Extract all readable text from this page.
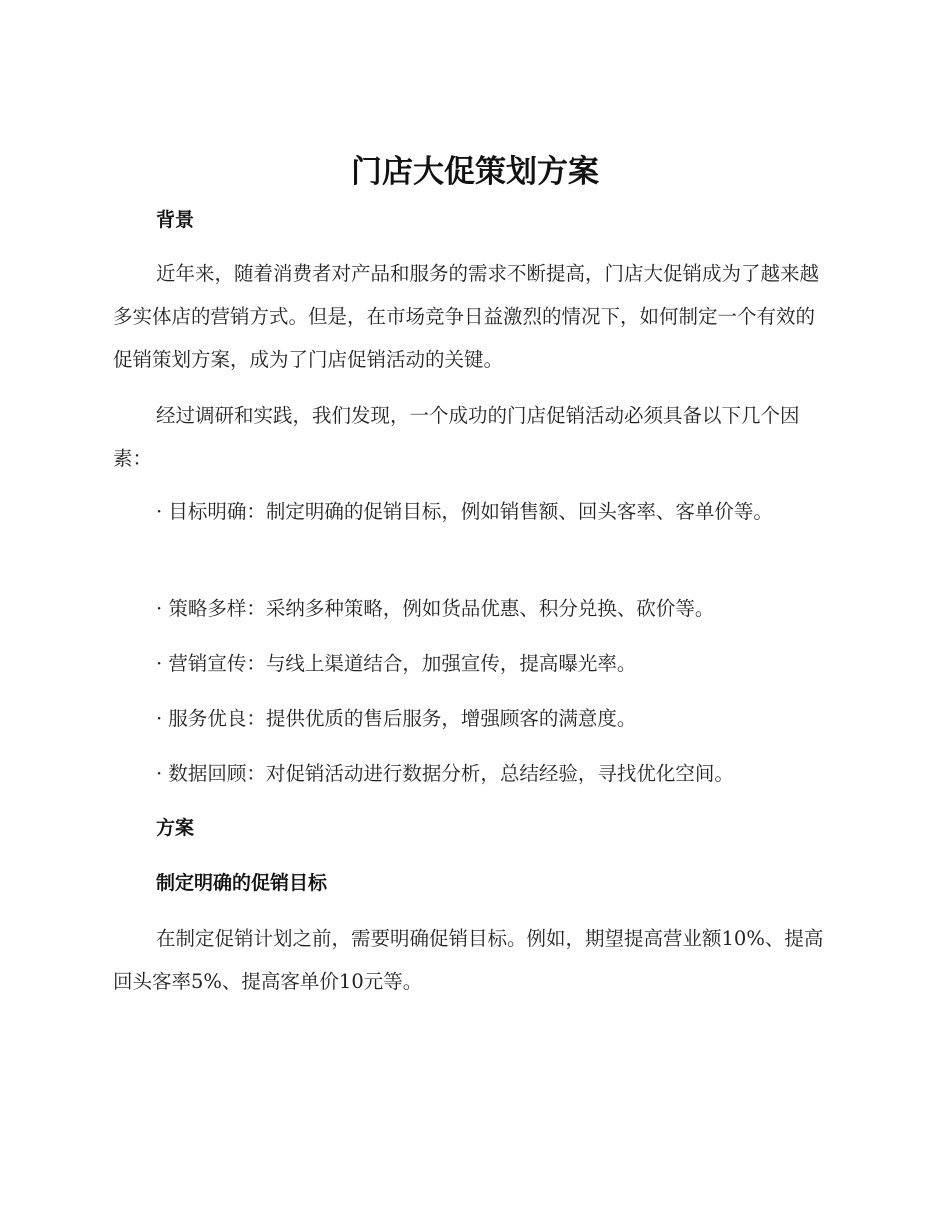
门店大促策划方案
背景

近年来，随着消费者对产品和服务的需求不断提高，门店大促销成为了越来越多实体店的营销方式。但是，在市场竞争日益激烈的情况下，如何制定一个有效的促销策划方案，成为了门店促销活动的关键。

经过调研和实践，我们发现，一个成功的门店促销活动必须具备以下几个因素：

· 目标明确：制定明确的促销目标，例如销售额、回头客率、客单价等。

· 策略多样：采纳多种策略，例如货品优惠、积分兑换、砍价等。

· 营销宣传：与线上渠道结合，加强宣传，提高曝光率。

· 服务优良：提供优质的售后服务，增强顾客的满意度。

· 数据回顾：对促销活动进行数据分析，总结经验，寻找优化空间。

方案
制定明确的促销目标

在制定促销计划之前，需要明确促销目标。例如，期望提高营业额10%、提高回头客率5%、提高客单价10元等。
